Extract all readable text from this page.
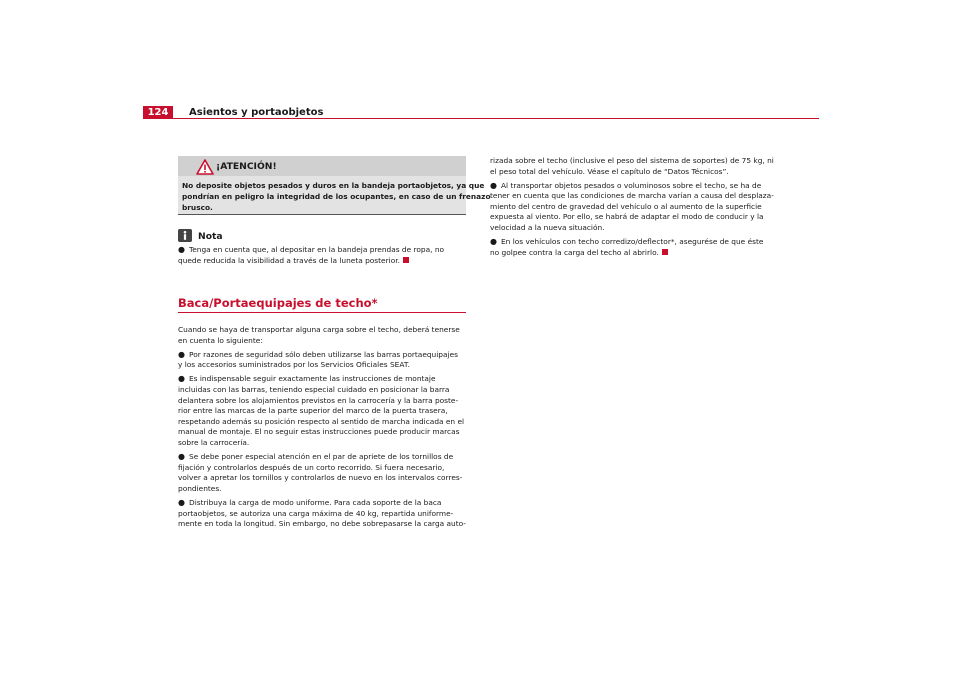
124	Asientos y portaobjetos
¡ATENCIÓN!
No deposite objetos pesados y duros en la bandeja portaobjetos, ya que
pondrían en peligro la integridad de los ocupantes, en caso de un frenazo
brusco.
Nota
● Tenga en cuenta que, al depositar en la bandeja prendas de ropa, no
quede reducida la visibilidad a través de la luneta posterior.
Baca/Portaequipajes de techo*
Cuando se haya de transportar alguna carga sobre el techo, deberá tenerse
en cuenta lo siguiente:
● Por razones de seguridad sólo deben utilizarse las barras portaequipajes
y los accesorios suministrados por los Servicios Oficiales SEAT.
● Es indispensable seguir exactamente las instrucciones de montaje
incluidas con las barras, teniendo especial cuidado en posicionar la barra
delantera sobre los alojamientos previstos en la carrocería y la barra poste-
rior entre las marcas de la parte superior del marco de la puerta trasera,
respetando además su posición respecto al sentido de marcha indicada en el
manual de montaje. El no seguir estas instrucciones puede producir marcas
sobre la carrocería.
● Se debe poner especial atención en el par de apriete de los tornillos de
fijación y controlarlos después de un corto recorrido. Si fuera necesario,
volver a apretar los tornillos y controlarlos de nuevo en los intervalos corres-
pondientes.
● Distribuya la carga de modo uniforme. Para cada soporte de la baca
portaobjetos, se autoriza una carga máxima de 40 kg, repartida uniforme-
mente en toda la longitud. Sin embargo, no debe sobrepasarse la carga auto-
rizada sobre el techo (inclusive el peso del sistema de soportes) de 75 kg, ni
el peso total del vehículo. Véase el capítulo de “Datos Técnicos”.
● Al transportar objetos pesados o voluminosos sobre el techo, se ha de
tener en cuenta que las condiciones de marcha varían a causa del desplaza-
miento del centro de gravedad del vehículo o al aumento de la superficie
expuesta al viento. Por ello, se habrá de adaptar el modo de conducir y la
velocidad a la nueva situación.
● En los vehículos con techo corredizo/deflector*, asegurése de que éste
no golpee contra la carga del techo al abrirlo.
